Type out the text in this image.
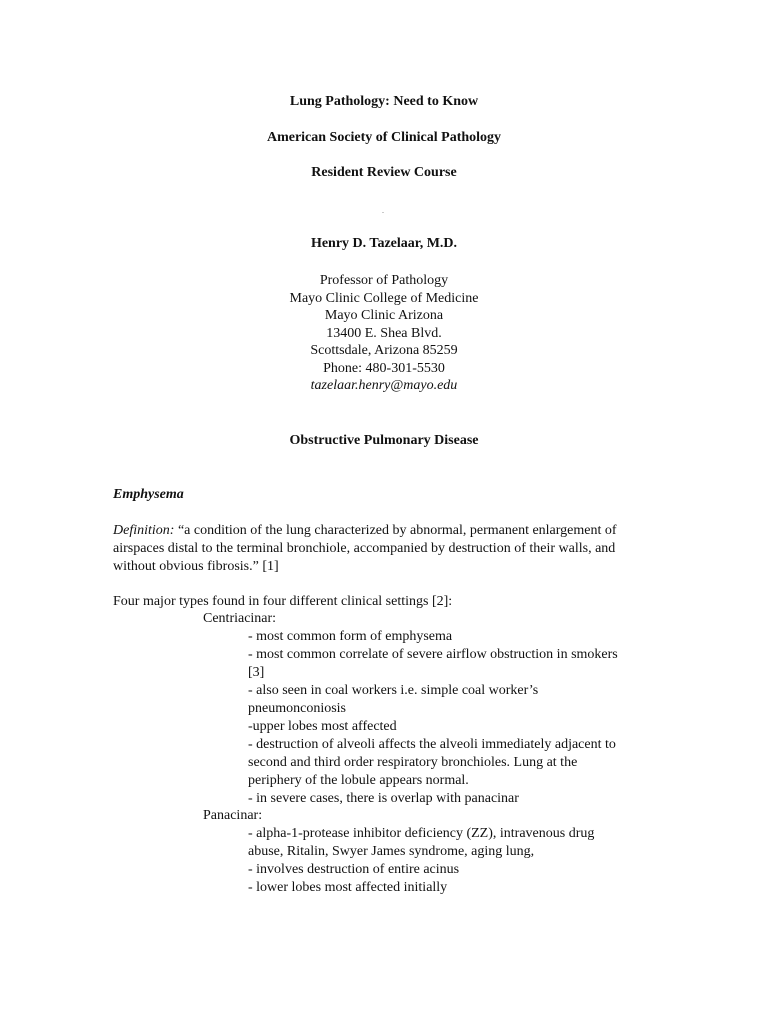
Lung Pathology: Need to Know
American Society of Clinical Pathology
Resident Review Course
.
Henry D. Tazelaar, M.D.
Professor of Pathology
Mayo Clinic College of Medicine
Mayo Clinic Arizona
13400 E. Shea Blvd.
Scottsdale, Arizona 85259
Phone: 480-301-5530
tazelaar.henry@mayo.edu
Obstructive Pulmonary Disease
Emphysema
Definition: “a condition of the lung characterized by abnormal, permanent enlargement of
airspaces distal to the terminal bronchiole, accompanied by destruction of their walls, and
without obvious fibrosis.” [1]
Four major types found in four different clinical settings [2]:
Centriacinar:
- most common form of emphysema
- most common correlate of severe airflow obstruction in smokers
[3]
- also seen in coal workers i.e. simple coal worker’s
pneumonconiosis
-upper lobes most affected
- destruction of alveoli affects the alveoli immediately adjacent to
second and third order respiratory bronchioles. Lung at the
periphery of the lobule appears normal.
- in severe cases, there is overlap with panacinar
Panacinar:
- alpha-1-protease inhibitor deficiency (ZZ), intravenous drug
abuse, Ritalin, Swyer James syndrome, aging lung,
- involves destruction of entire acinus
- lower lobes most affected initially
